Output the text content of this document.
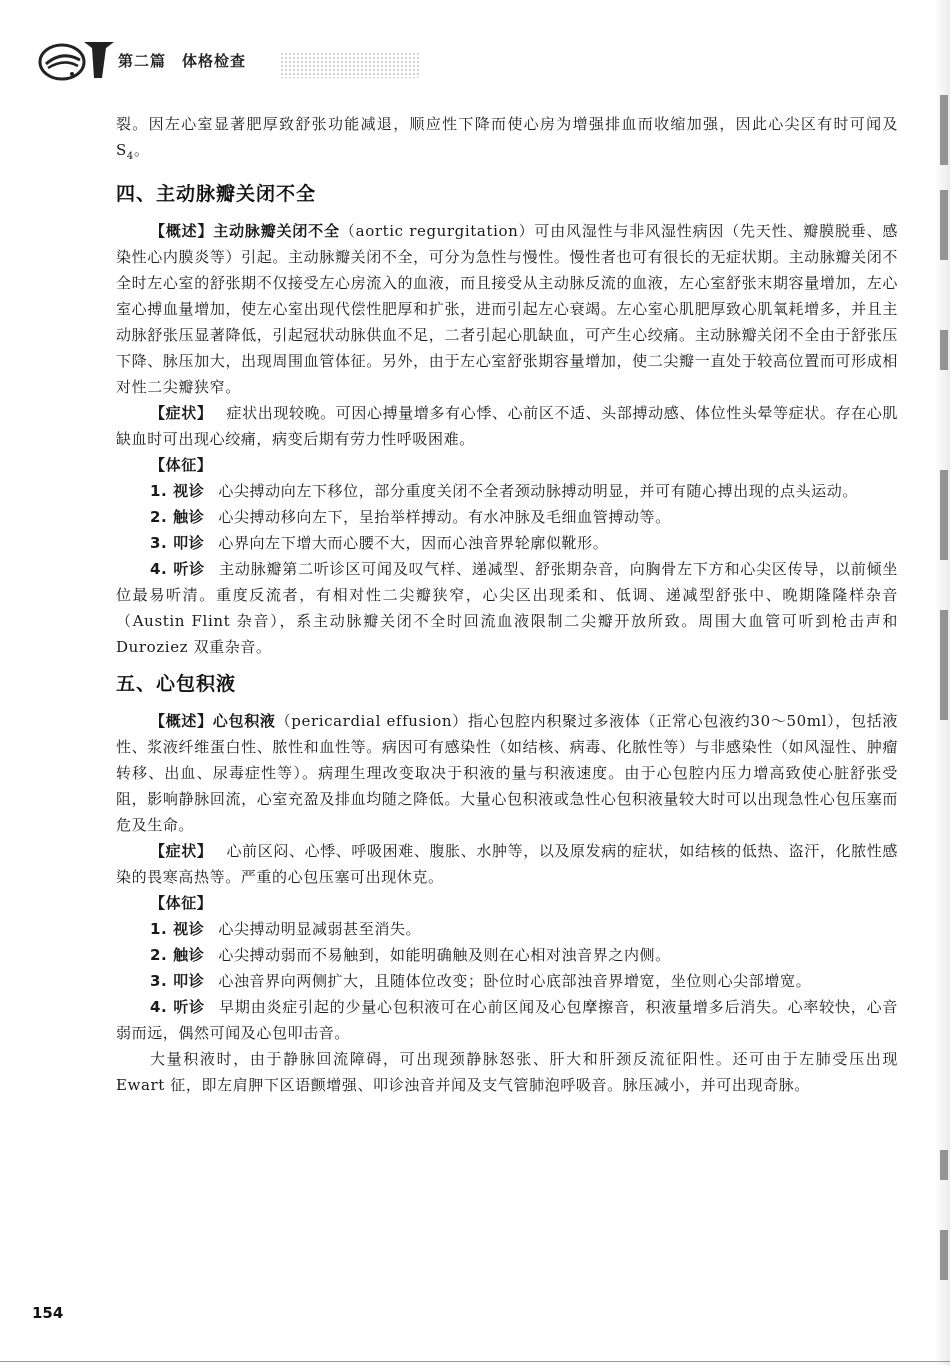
第二篇　体格检查

裂。因左心室显著肥厚致舒张功能减退，顺应性下降而使心房为增强排血而收缩加强，因此心尖区有时可闻及 $S_4$。

四、主动脉瓣关闭不全

【概述】主动脉瓣关闭不全（aortic regurgitation）可由风湿性与非风湿性病因（先天性、瓣膜脱垂、感染性心内膜炎等）引起。主动脉瓣关闭不全，可分为急性与慢性。慢性者也可有很长的无症状期。主动脉瓣关闭不全时左心室的舒张期不仅接受左心房流入的血液，而且接受从主动脉反流的血液，左心室舒张末期容量增加，左心室心搏血量增加，使左心室出现代偿性肥厚和扩张，进而引起左心衰竭。左心室心肌肥厚致心肌氧耗增多，并且主动脉舒张压显著降低，引起冠状动脉供血不足，二者引起心肌缺血，可产生心绞痛。主动脉瓣关闭不全由于舒张压下降、脉压加大，出现周围血管体征。另外，由于左心室舒张期容量增加，使二尖瓣一直处于较高位置而可形成相对性二尖瓣狭窄。

【症状】 症状出现较晚。可因心搏量增多有心悸、心前区不适、头部搏动感、体位性头晕等症状。存在心肌缺血时可出现心绞痛，病变后期有劳力性呼吸困难。

【体征】

1. 视诊 心尖搏动向左下移位，部分重度关闭不全者颈动脉搏动明显，并可有随心搏出现的点头运动。

2. 触诊 心尖搏动移向左下，呈抬举样搏动。有水冲脉及毛细血管搏动等。

3. 叩诊 心界向左下增大而心腰不大，因而心浊音界轮廓似靴形。

4. 听诊 主动脉瓣第二听诊区可闻及叹气样、递减型、舒张期杂音，向胸骨左下方和心尖区传导，以前倾坐位最易听清。重度反流者，有相对性二尖瓣狭窄，心尖区出现柔和、低调、递减型舒张中、晚期隆隆样杂音（Austin Flint 杂音），系主动脉瓣关闭不全时回流血液限制二尖瓣开放所致。周围大血管可听到枪击声和 Duroziez 双重杂音。

五、心包积液

【概述】心包积液（pericardial effusion）指心包腔内积聚过多液体（正常心包液约30～50ml），包括液性、浆液纤维蛋白性、脓性和血性等。病因可有感染性（如结核、病毒、化脓性等）与非感染性（如风湿性、肿瘤转移、出血、尿毒症性等）。病理生理改变取决于积液的量与积液速度。由于心包腔内压力增高致使心脏舒张受阻，影响静脉回流，心室充盈及排血均随之降低。大量心包积液或急性心包积液量较大时可以出现急性心包压塞而危及生命。

【症状】 心前区闷、心悸、呼吸困难、腹胀、水肿等，以及原发病的症状，如结核的低热、盗汗，化脓性感染的畏寒高热等。严重的心包压塞可出现休克。

【体征】

1. 视诊 心尖搏动明显减弱甚至消失。

2. 触诊 心尖搏动弱而不易触到，如能明确触及则在心相对浊音界之内侧。

3. 叩诊 心浊音界向两侧扩大，且随体位改变；卧位时心底部浊音界增宽，坐位则心尖部增宽。

4. 听诊 早期由炎症引起的少量心包积液可在心前区闻及心包摩擦音，积液量增多后消失。心率较快，心音弱而远，偶然可闻及心包叩击音。

大量积液时，由于静脉回流障碍，可出现颈静脉怒张、肝大和肝颈反流征阳性。还可由于左肺受压出现 Ewart 征，即左肩胛下区语颤增强、叩诊浊音并闻及支气管肺泡呼吸音。脉压减小，并可出现奇脉。

154
